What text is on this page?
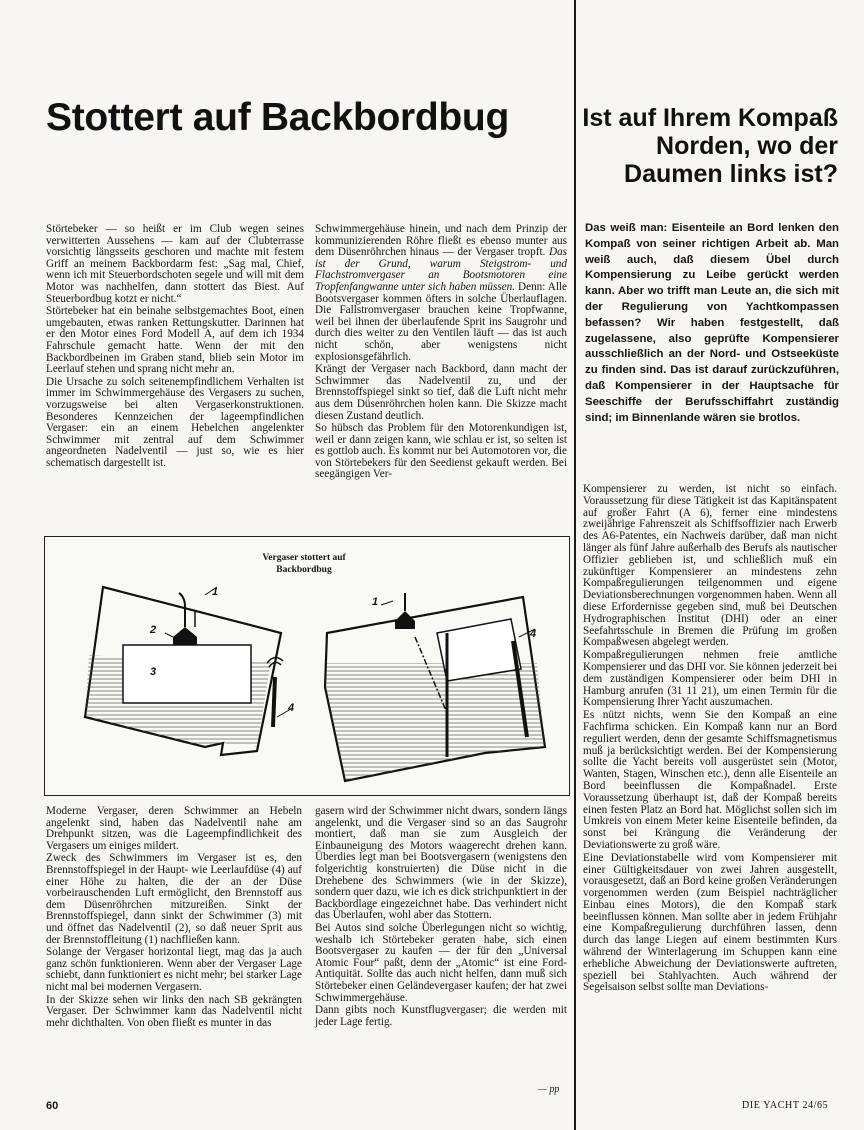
Stottert auf Backbordbug	Ist auf Ihrem Kompaß Norden, wo der Daumen links ist?

Störtebeker — so heißt er im Club wegen seines verwitterten Aussehens — kam auf der Clubterrasse vorsichtig längsseits geschoren und machte mit festem Griff an meinem Backbordarm fest: „Sag mal, Chief, wenn ich mit Steuerbordschoten segele und will mit dem Motor was nachhelfen, dann stottert das Biest. Auf Steuerbordbug kotzt er nicht.“

Störtebeker hat ein beinahe selbstgemachtes Boot, einen umgebauten, etwas ranken Rettungskutter. Darinnen hat er den Motor eines Ford Modell A, auf dem ich 1934 Fahrschule gemacht hatte. Wenn der mit den Backbordbeinen im Graben stand, blieb sein Motor im Leerlauf stehen und sprang nicht mehr an.

Die Ursache zu solch seitenempfindlichem Verhalten ist immer im Schwimmergehäuse des Vergasers zu suchen, vorzugsweise bei alten Vergaserkonstruktionen. Besonderes Kennzeichen der lageempfindlichen Vergaser: ein an einem Hebelchen angelenkter Schwimmer mit zentral auf dem Schwimmer angeordneten Nadelventil — just so, wie es hier schematisch dargestellt ist.

Schwimmergehäuse hinein, und nach dem Prinzip der kommunizierenden Röhre fließt es ebenso munter aus dem Düsenröhrchen hinaus — der Vergaser tropft. Das ist der Grund, warum Steigstrom- und Flachstromvergaser an Bootsmotoren eine Tropfenfangwanne unter sich haben müssen. Denn: Alle Bootsvergaser kommen öfters in solche Überlauflagen. Die Fallstromvergaser brauchen keine Tropfwanne, weil bei ihnen der überlaufende Sprit ins Saugrohr und durch dies weiter zu den Ventilen läuft — das ist auch nicht schön, aber wenigstens nicht explosionsgefährlich.

Krängt der Vergaser nach Backbord, dann macht der Schwimmer das Nadelventil zu, und der Brennstoffspiegel sinkt so tief, daß die Luft nicht mehr aus dem Düsenröhrchen holen kann. Die Skizze macht diesen Zustand deutlich.

So hübsch das Problem für den Motorenkundigen ist, weil er dann zeigen kann, wie schlau er ist, so selten ist es gottlob auch. Es kommt nur bei Automotoren vor, die von Störtebekers für den Seedienst gekauft werden. Bei seegängigen Ver-

Vergaser stottert auf Backbordbug
1
2
3
4
1
4

Moderne Vergaser, deren Schwimmer an Hebeln angelenkt sind, haben das Nadelventil nahe am Drehpunkt sitzen, was die Lageempfindlichkeit des Vergasers um einiges mildert.

Zweck des Schwimmers im Vergaser ist es, den Brennstoffspiegel in der Haupt- wie Leerlaufdüse (4) auf einer Höhe zu halten, die der an der Düse vorbeirauschenden Luft ermöglicht, den Brennstoff aus dem Düsenröhrchen mitzureißen. Sinkt der Brennstoffspiegel, dann sinkt der Schwimmer (3) mit und öffnet das Nadelventil (2), so daß neuer Sprit aus der Brennstoffleitung (1) nachfließen kann.

Solange der Vergaser horizontal liegt, mag das ja auch ganz schön funktionieren. Wenn aber der Vergaser Lage schiebt, dann funktioniert es nicht mehr; bei starker Lage nicht mal bei modernen Vergasern.

In der Skizze sehen wir links den nach SB gekrängten Vergaser. Der Schwimmer kann das Nadelventil nicht mehr dichthalten. Von oben fließt es munter in das

gasern wird der Schwimmer nicht dwars, sondern längs angelenkt, und die Vergaser sind so an das Saugrohr montiert, daß man sie zum Ausgleich der Einbauneigung des Motors waagerecht drehen kann. Überdies legt man bei Bootsvergasern (wenigstens den folgerichtig konstruierten) die Düse nicht in die Drehebene des Schwimmers (wie in der Skizze), sondern quer dazu, wie ich es dick strichpunktiert in der Backbordlage eingezeichnet habe. Das verhindert nicht das Überlaufen, wohl aber das Stottern.

Bei Autos sind solche Überlegungen nicht so wichtig, weshalb ich Störtebeker geraten habe, sich einen Bootsvergaser zu kaufen — der für den „Universal Atomic Four“ paßt, denn der „Atomic“ ist eine Ford-Antiquität. Sollte das auch nicht helfen, dann muß sich Störtebeker einen Geländevergaser kaufen; der hat zwei Schwimmergehäuse.

Dann gibts noch Kunstflugvergaser; die werden mit jeder Lage fertig.

— pp
Das weiß man: Eisenteile an Bord lenken den Kompaß von seiner richtigen Arbeit ab. Man weiß auch, daß diesem Übel durch Kompensierung zu Leibe gerückt werden kann. Aber wo trifft man Leute an, die sich mit der Regulierung von Yachtkompassen befassen? Wir haben festgestellt, daß zugelassene, also geprüfte Kompensierer ausschließlich an der Nord- und Ostseeküste zu finden sind. Das ist darauf zurückzuführen, daß Kompensierer in der Hauptsache für Seeschiffe der Berufsschiffahrt zuständig sind; im Binnenlande wären sie brotlos.

Kompensierer zu werden, ist nicht so einfach. Voraussetzung für diese Tätigkeit ist das Kapitänspatent auf großer Fahrt (A 6), ferner eine mindestens zweijährige Fahrenszeit als Schiffsoffizier nach Erwerb des A6-Patentes, ein Nachweis darüber, daß man nicht länger als fünf Jahre außerhalb des Berufs als nautischer Offizier geblieben ist, und schließlich muß ein zukünftiger Kompensierer an mindestens zehn Kompaßregulierungen teilgenommen und eigene Deviationsberechnungen vorgenommen haben. Wenn all diese Erfordernisse gegeben sind, muß bei Deutschen Hydrographischen Institut (DHI) oder an einer Seefahrtsschule in Bremen die Prüfung im großen Kompaßwesen abgelegt werden.

Kompaßregulierungen nehmen freie amtliche Kompensierer und das DHI vor. Sie können jederzeit bei dem zuständigen Kompensierer oder beim DHI in Hamburg anrufen (31 11 21), um einen Termin für die Kompensierung Ihrer Yacht auszumachen.

Es nützt nichts, wenn Sie den Kompaß an eine Fachfirma schicken. Ein Kompaß kann nur an Bord reguliert werden, denn der gesamte Schiffsmagnetismus muß ja berücksichtigt werden. Bei der Kompensierung sollte die Yacht bereits voll ausgerüstet sein (Motor, Wanten, Stagen, Winschen etc.), denn alle Eisenteile an Bord beeinflussen die Kompaßnadel. Erste Voraussetzung überhaupt ist, daß der Kompaß bereits einen festen Platz an Bord hat. Möglichst sollen sich im Umkreis von einem Meter keine Eisenteile befinden, da sonst bei Krängung die Veränderung der Deviationswerte zu groß wäre.

Eine Deviationstabelle wird vom Kompensierer mit einer Gültigkeitsdauer von zwei Jahren ausgestellt, vorausgesetzt, daß an Bord keine großen Veränderungen vorgenommen werden (zum Beispiel nachträglicher Einbau eines Motors), die den Kompaß stark beeinflussen können. Man sollte aber in jedem Frühjahr eine Kompaßregulierung durchführen lassen, denn durch das lange Liegen auf einem bestimmten Kurs während der Winterlagerung im Schuppen kann eine erhebliche Abweichung der Deviationswerte auftreten, speziell bei Stahlyachten. Auch während der Segelsaison selbst sollte man Deviations-

60	DIE YACHT 24/65
